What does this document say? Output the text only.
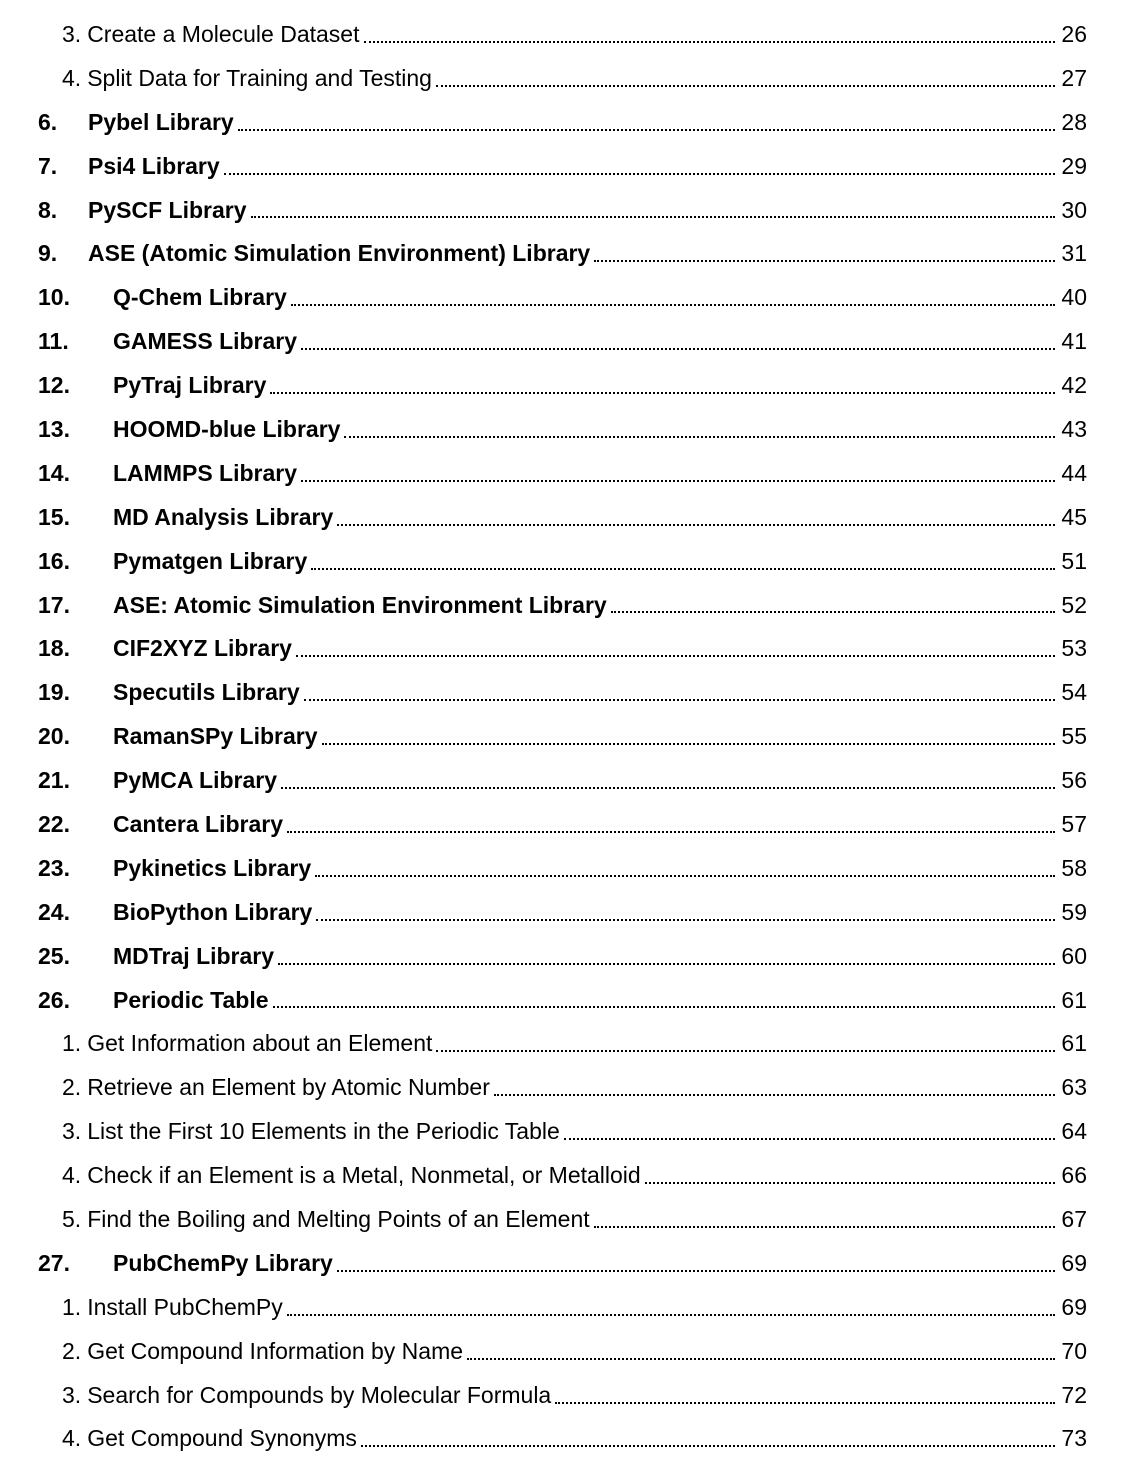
3. Create a Molecule Dataset	26
4. Split Data for Training and Testing	27
6.	Pybel Library	28
7.	Psi4 Library	29
8.	PySCF Library	30
9.	ASE (Atomic Simulation Environment) Library	31
10.	Q-Chem Library	40
11.	GAMESS Library	41
12.	PyTraj Library	42
13.	HOOMD-blue Library	43
14.	LAMMPS Library	44
15.	MD Analysis Library	45
16.	Pymatgen Library	51
17.	ASE: Atomic Simulation Environment Library	52
18.	CIF2XYZ Library	53
19.	Specutils Library	54
20.	RamanSPy Library	55
21.	PyMCA Library	56
22.	Cantera Library	57
23.	Pykinetics Library	58
24.	BioPython Library	59
25.	MDTraj Library	60
26.	Periodic Table	61
1. Get Information about an Element	61
2. Retrieve an Element by Atomic Number	63
3. List the First 10 Elements in the Periodic Table	64
4. Check if an Element is a Metal, Nonmetal, or Metalloid	66
5. Find the Boiling and Melting Points of an Element	67
27.	PubChemPy Library	69
1. Install PubChemPy	69
2. Get Compound Information by Name	70
3. Search for Compounds by Molecular Formula	72
4. Get Compound Synonyms	73
